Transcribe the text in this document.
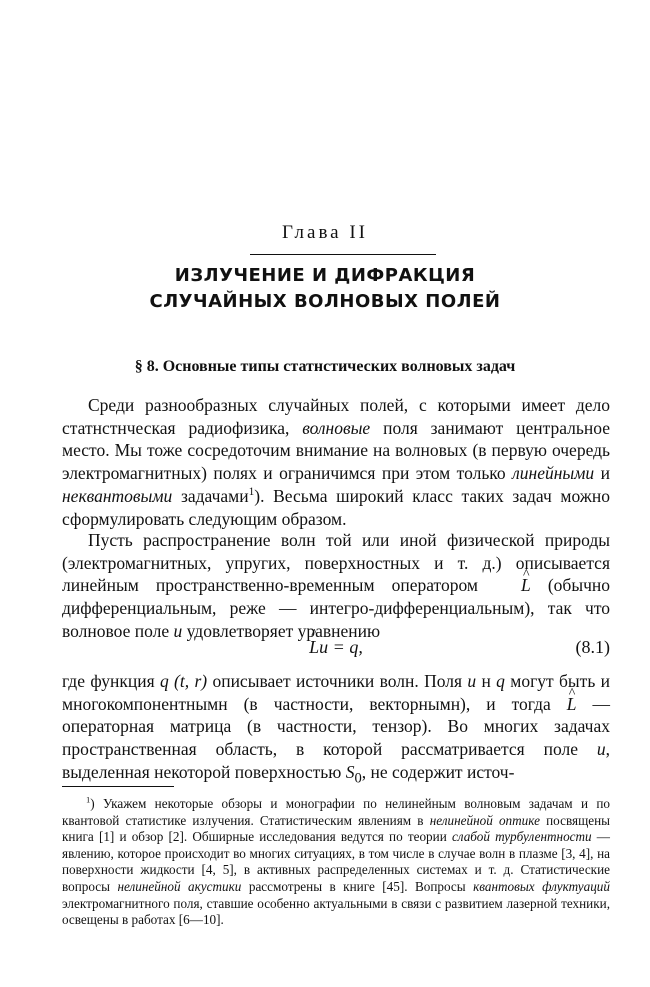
Глава II
ИЗЛУЧЕНИЕ И ДИФРАКЦИЯ
СЛУЧАЙНЫХ ВОЛНОВЫХ ПОЛЕЙ
§ 8. Основные типы статнстических волновых задач

Среди разнообразных случайных полей, с которыми имеет дело статнстнческая радиофизика, волновые поля занимают центральное место. Мы тоже сосредоточим внимание на волновых (в первую очередь электромагнитных) полях и ограничимся при этом только линейными и неквантовыми задачами$^1$). Весьма широкий класс таких задач можно сформулировать следующим образом.

Пусть распространение волн той или иной физической природы (электромагнитных, упругих, поверхностных и т. д.) описывается линейным пространственно-временным оператором ^ L (обычно дифференциальным, реже — интегро-дифференциальным), так что волновое поле u удовлетворяет уравнению

^ Lu = q,	(8.1)

где функция q (t, r) описывает источники волн. Поля u н q могут быть и многокомпонентнымн (в частности, векторнымн), и тогда ^ L — операторная матрица (в частности, тензор). Во многих задачах пространственная область, в которой рассматривается поле u, выделенная некоторой поверхностью $S_0$, не содержит источ-

$^1$) Укажем некоторые обзоры и монографии по нелинейным волновым задачам и по квантовой статистике излучения. Статистическим явлениям в нелинейной оптике посвящены книга [1] и обзор [2]. Обширные исследования ведутся по теории слабой турбулентности — явлению, которое происходит во многих ситуациях, в том числе в случае волн в плазме [3, 4], на поверхности жидкости [4, 5], в активных распределенных системах и т. д. Статистические вопросы нелинейной акустики рассмотрены в книге [45]. Вопросы квантовых флуктуаций электромагнитного поля, ставшие особенно актуальными в связи с развитием лазерной техники, освещены в работах [6—10].
